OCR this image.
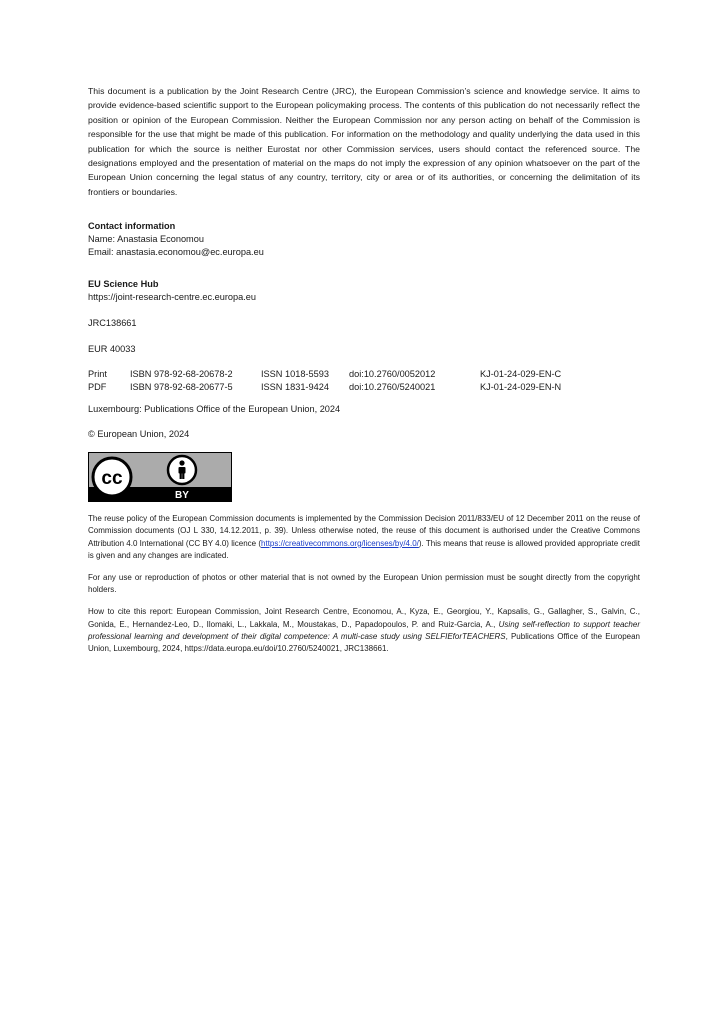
This document is a publication by the Joint Research Centre (JRC), the European Commission’s science and knowledge service. It aims to provide evidence-based scientific support to the European policymaking process. The contents of this publication do not necessarily reflect the position or opinion of the European Commission. Neither the European Commission nor any person acting on behalf of the Commission is responsible for the use that might be made of this publication. For information on the methodology and quality underlying the data used in this publication for which the source is neither Eurostat nor other Commission services, users should contact the referenced source. The designations employed and the presentation of material on the maps do not imply the expression of any opinion whatsoever on the part of the European Union concerning the legal status of any country, territory, city or area or of its authorities, or concerning the delimitation of its frontiers or boundaries.

Contact information
Name: Anastasia Economou
Email: anastasia.economou@ec.europa.eu
EU Science Hub
https://joint-research-centre.ec.europa.eu
JRC138661
EUR 40033
Print	ISBN 978-92-68-20678-2	ISSN 1018-5593	doi:10.2760/0052012	KJ-01-24-029-EN-C
PDF	ISBN 978-92-68-20677-5	ISSN 1831-9424	doi:10.2760/5240021	KJ-01-24-029-EN-N
Luxembourg: Publications Office of the European Union, 2024
© European Union, 2024
cc
BY

The reuse policy of the European Commission documents is implemented by the Commission Decision 2011/833/EU of 12 December 2011 on the reuse of Commission documents (OJ L 330, 14.12.2011, p. 39). Unless otherwise noted, the reuse of this document is authorised under the Creative Commons Attribution 4.0 International (CC BY 4.0) licence (https://creativecommons.org/licenses/by/4.0/). This means that reuse is allowed provided appropriate credit is given and any changes are indicated.

For any use or reproduction of photos or other material that is not owned by the European Union permission must be sought directly from the copyright holders.

How to cite this report: European Commission, Joint Research Centre, Economou, A., Kyza, E., Georgiou, Y., Kapsalis, G., Gallagher, S., Galvin, C., Gonida, E., Hernandez-Leo, D., Ilomaki, L., Lakkala, M., Moustakas, D., Papadopoulos, P. and Ruiz-Garcia, A., Using self-reflection to support teacher professional learning and development of their digital competence: A multi-case study using SELFIEforTEACHERS, Publications Office of the European Union, Luxembourg, 2024, https://data.europa.eu/doi/10.2760/5240021, JRC138661.
